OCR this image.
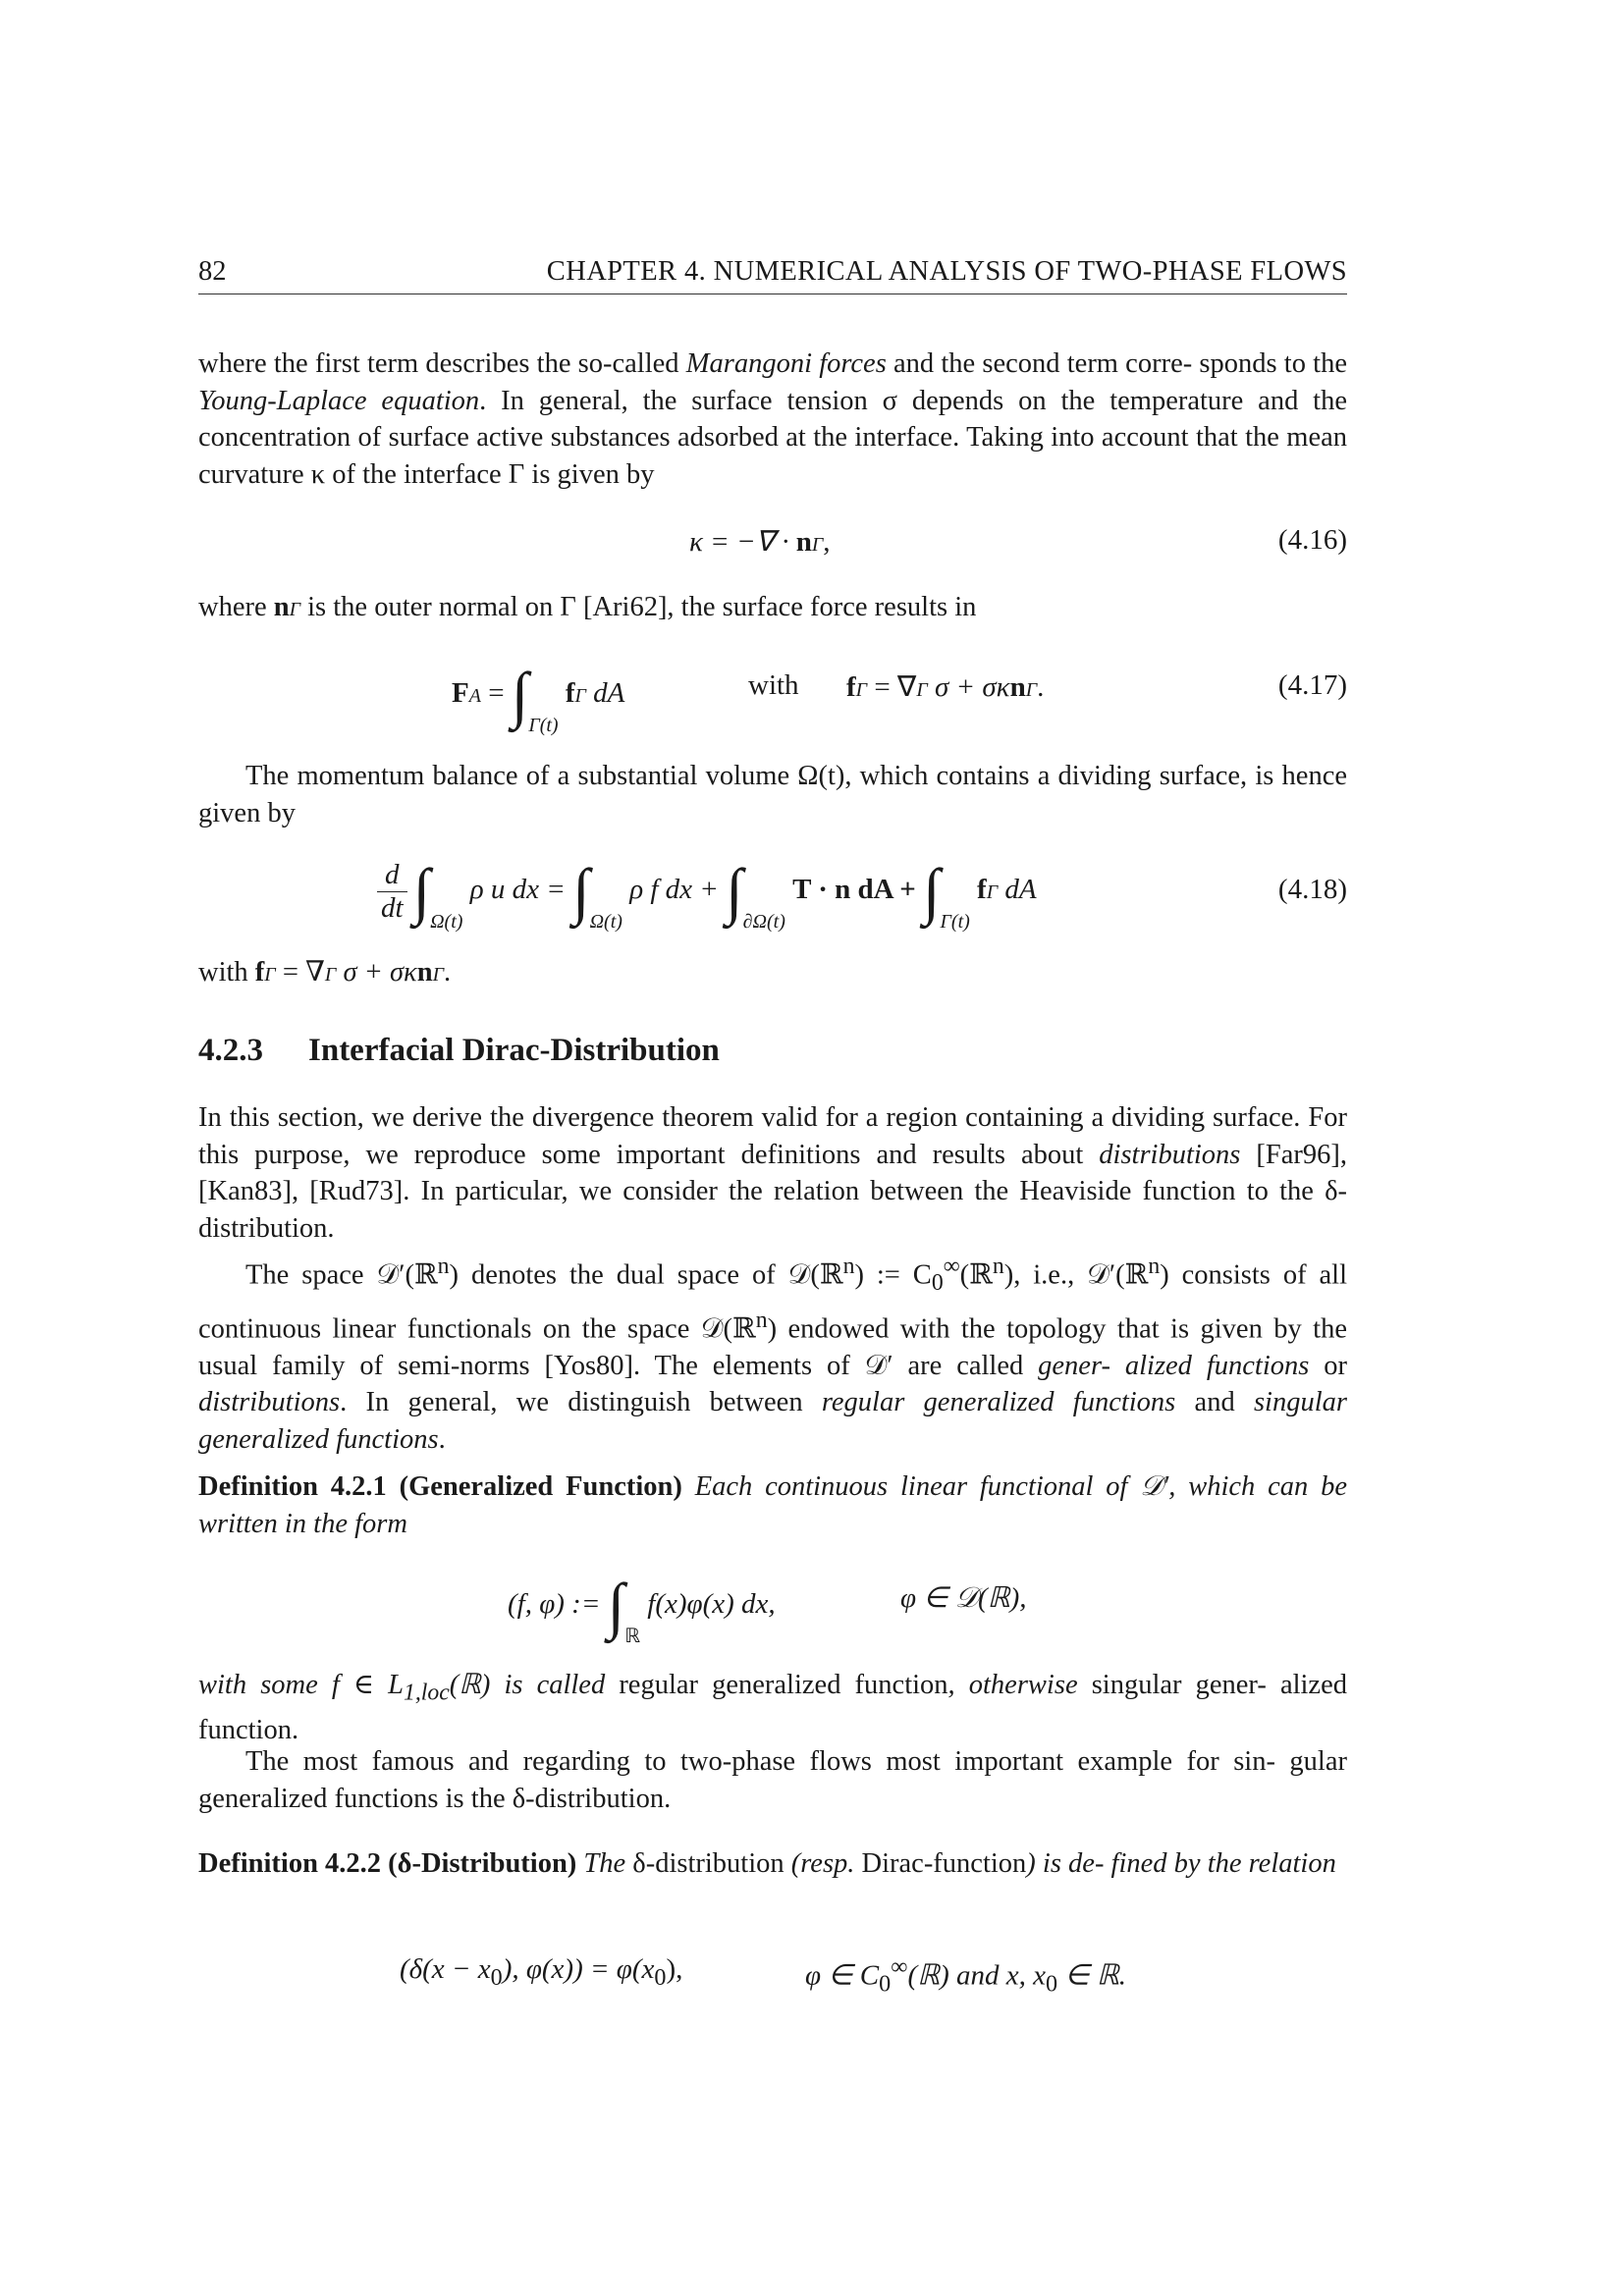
82	CHAPTER 4. NUMERICAL ANALYSIS OF TWO-PHASE FLOWS

where the first term describes the so-called Marangoni forces and the second term corre- sponds to the Young-Laplace equation. In general, the surface tension σ depends on the temperature and the concentration of surface active substances adsorbed at the interface. Taking into account that the mean curvature κ of the interface Γ is given by

κ = −∇ · nΓ,	(4.16)

where nΓ is the outer normal on Γ [Ari62], the surface force results in

FA = $\int_{\Gamma(t)}$ fΓ dA	with fΓ = ∇Γ σ + σκnΓ.	(4.17)

The momentum balance of a substantial volume Ω(t), which contains a dividing surface, is hence given by

$\frac{d}{dt} \int_{\Omega(t)}$ ρ u dx = $\int_{\Omega(t)}$ ρ f dx + $\int_{\partial\Omega(t)}$ T · n dA + $\int_{\Gamma(t)}$ fΓ dA	(4.18)

with fΓ = ∇Γ σ + σκnΓ.

4.2.3 Interfacial Dirac-Distribution

In this section, we derive the divergence theorem valid for a region containing a dividing surface. For this purpose, we reproduce some important definitions and results about distributions [Far96], [Kan83], [Rud73]. In particular, we consider the relation between the Heaviside function to the δ-distribution.

The space 𝒟′(ℝ$^n$) denotes the dual space of 𝒟(ℝ$^n$) := $C_0^\infty(ℝ^n)$, i.e., 𝒟′(ℝ$^n$) consists of all continuous linear functionals on the space 𝒟(ℝ$^n$) endowed with the topology that is given by the usual family of semi-norms [Yos80]. The elements of 𝒟′ are called gener- alized functions or distributions. In general, we distinguish between regular generalized functions and singular generalized functions.

Definition 4.2.1 (Generalized Function) Each continuous linear functional of 𝒟′, which can be written in the form

(f, φ) := $\int_ℝ$ f(x)φ(x) dx,	φ ∈ 𝒟(ℝ),

with some f ∈ $L_{1,loc}(ℝ)$ is called regular generalized function, otherwise singular gener- alized function.

The most famous and regarding to two-phase flows most important example for sin- gular generalized functions is the δ-distribution.

Definition 4.2.2 (δ-Distribution) The δ-distribution (resp. Dirac-function) is de- fined by the relation

($\delta(x - x_0)$, $\varphi(x)) = \varphi(x_0)$,	φ ∈ $C_0^\infty(ℝ)$ and x, $x_0$ ∈ ℝ.
